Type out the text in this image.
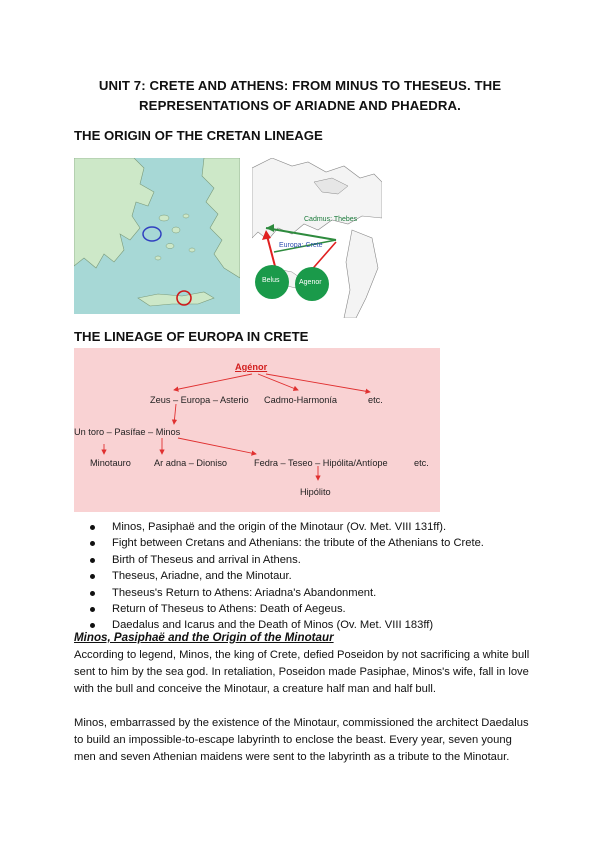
UNIT 7: CRETE AND ATHENS: FROM MINUS TO THESEUS. THE REPRESENTATIONS OF ARIADNE AND PHAEDRA.
THE ORIGIN OF THE CRETAN LINEAGE
Cadmus: Thebes
Europa: Crete
Belus	Agenor
THE LINEAGE OF EUROPA IN CRETE
Agénor
Zeus – Europa – Asterio Cadmo-Harmonía	etc.
Un toro – Pasífae – Minos
Minotauro	Ar adna – Dioniso	Fedra – Teseo – Hipólita/Antíope	etc.
Hipólito
Minos, Pasiphaë and the origin of the Minotaur (Ov. Met. VIII 131ff).
Fight between Cretans and Athenians: the tribute of the Athenians to Crete.
Birth of Theseus and arrival in Athens.
Theseus, Ariadne, and the Minotaur.
Theseus's Return to Athens: Ariadna's Abandonment.
Return of Theseus to Athens: Death of Aegeus.
Daedalus and Icarus and the Death of Minos (Ov. Met. VIII 183ff)
Minos, Pasiphaë and the Origin of the Minotaur
According to legend, Minos, the king of Crete, defied Poseidon by not sacrificing a white bull sent to him by the sea god. In retaliation, Poseidon made Pasiphae, Minos's wife, fall in love with the bull and conceive the Minotaur, a creature half man and half bull.
Minos, embarrassed by the existence of the Minotaur, commissioned the architect Daedalus to build an impossible-to-escape labyrinth to enclose the beast. Every year, seven young men and seven Athenian maidens were sent to the labyrinth as a tribute to the Minotaur.
